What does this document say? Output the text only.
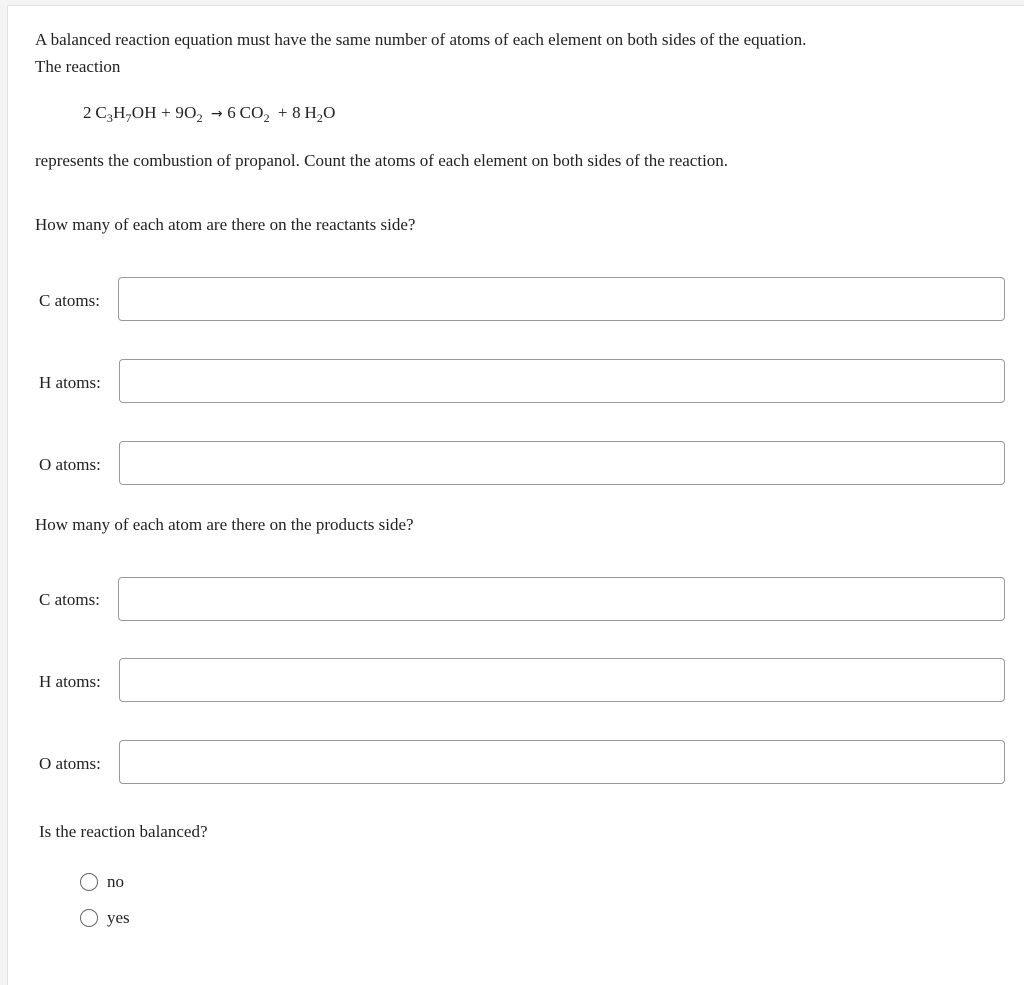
A balanced reaction equation must have the same number of atoms of each element on both sides of the equation.
The reaction
2  $C_3H_7OH + 9O_2 \to 6$  $CO_2 + 8$  $H_2O$
represents the combustion of propanol. Count the atoms of each element on both sides of the reaction.
How many of each atom are there on the reactants side?
C atoms:
H atoms:
O atoms:
How many of each atom are there on the products side?
C atoms:
H atoms:
O atoms:
Is the reaction balanced?
no
yes
